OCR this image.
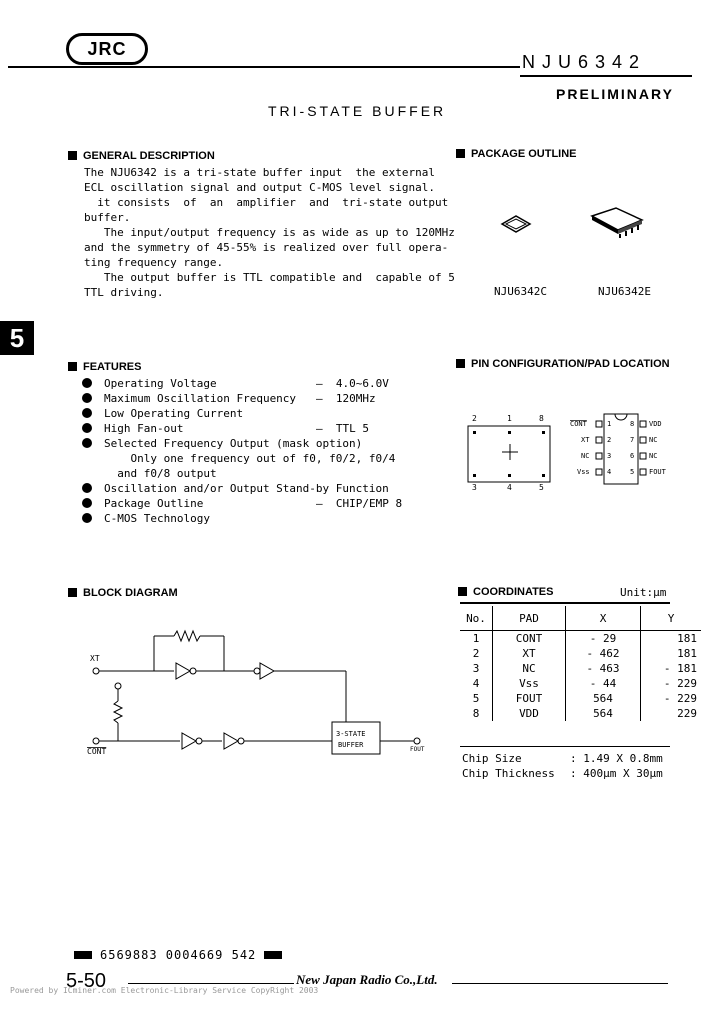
JRC
NJU6342
PRELIMINARY
TRI-STATE BUFFER
5
GENERAL DESCRIPTION
The NJU6342 is a tri-state buffer input  the external
ECL oscillation signal and output C-MOS level signal.
it consists  of  an  amplifier  and  tri-state output
buffer.
The input/output frequency is as wide as up to 120MHz
and the symmetry of 45-55% is realized over full opera-
ting frequency range.
The output buffer is TTL compatible and  capable of 5
TTL driving.
PACKAGE OUTLINE
NJU6342C	NJU6342E
FEATURES
Operating Voltage	—  4.0~6.0V
Maximum Oscillation Frequency	—  120MHz
Low Operating Current
High Fan-out	—  TTL 5
Selected Frequency Output (mask option)
Only one frequency out of f0, f0/2, f0/4
and f0/8 output
Oscillation and/or Output Stand-by Function
Package Outline	—  CHIP/EMP 8
C-MOS Technology
PIN CONFIGURATION/PAD LOCATION
2	1	8
3	4	5
CONT
XT
NC
Vss
1
2
3
4
8
7
6
5
VDD
NC
NC
FOUT
BLOCK DIAGRAM
XT
CONT
3-STATE
BUFFER
FOUT
COORDINATES	Unit:µm
No.	PAD	X	Y
1	CONT	- 29	181
2	XT	- 462	181
3	NC	- 463	- 181
4	Vss	- 44	- 229
5	FOUT	564	- 229
8	VDD	564	229
Chip Size	: 1.49 X 0.8mm
Chip Thickness : 400µm X 30µm
6569883 0004669 542
5-50	New Japan Radio Co.,Ltd.
Powered by ICminer.com Electronic-Library Service CopyRight 2003
